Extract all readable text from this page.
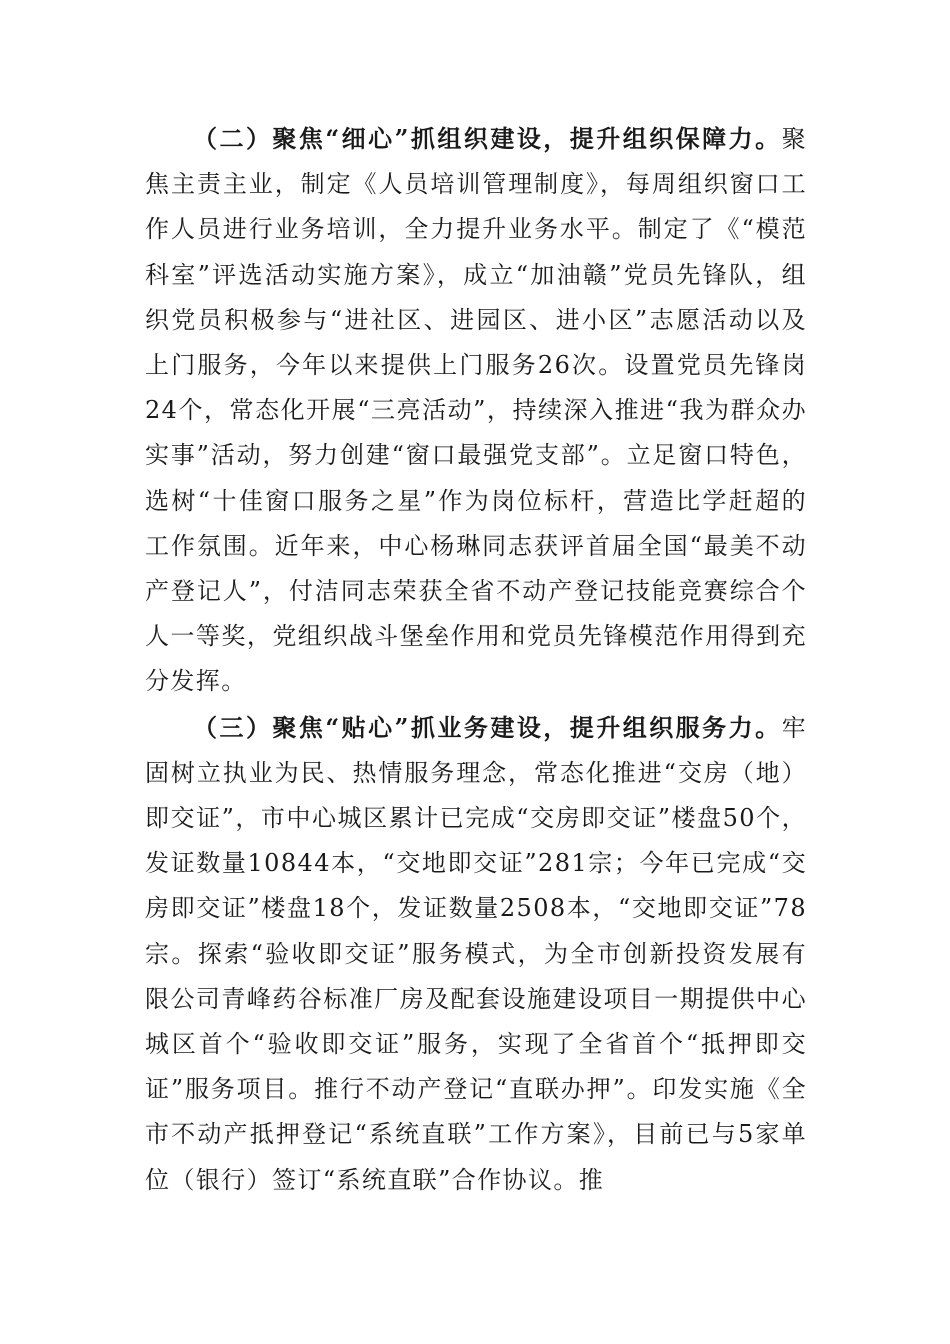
（二）聚焦“细心”抓组织建设，提升组织保障力。聚焦主责主业，制定《人员培训管理制度》，每周组织窗口工作人员进行业务培训，全力提升业务水平。制定了《“模范科室”评选活动实施方案》，成立“加油赣”党员先锋队，组织党员积极参与“进社区、进园区、进小区”志愿活动以及上门服务，今年以来提供上门服务26次。设置党员先锋岗24个，常态化开展“三亮活动”，持续深入推进“我为群众办实事”活动，努力创建“窗口最强党支部”。立足窗口特色，选树“十佳窗口服务之星”作为岗位标杆，营造比学赶超的工作氛围。近年来，中心杨琳同志获评首届全国“最美不动产登记人”，付洁同志荣获全省不动产登记技能竞赛综合个人一等奖，党组织战斗堡垒作用和党员先锋模范作用得到充分发挥。

（三）聚焦“贴心”抓业务建设，提升组织服务力。牢固树立执业为民、热情服务理念，常态化推进“交房（地）即交证”，市中心城区累计已完成“交房即交证”楼盘50个，发证数量10844本，“交地即交证”281宗；今年已完成“交房即交证”楼盘18个，发证数量2508本，“交地即交证”78宗。探索“验收即交证”服务模式，为全市创新投资发展有限公司青峰药谷标准厂房及配套设施建设项目一期提供中心城区首个“验收即交证”服务，实现了全省首个“抵押即交证”服务项目。推行不动产登记“直联办押”。印发实施《全市不动产抵押登记“系统直联”工作方案》，目前已与5家单位（银行）签订“系统直联”合作协议。推
